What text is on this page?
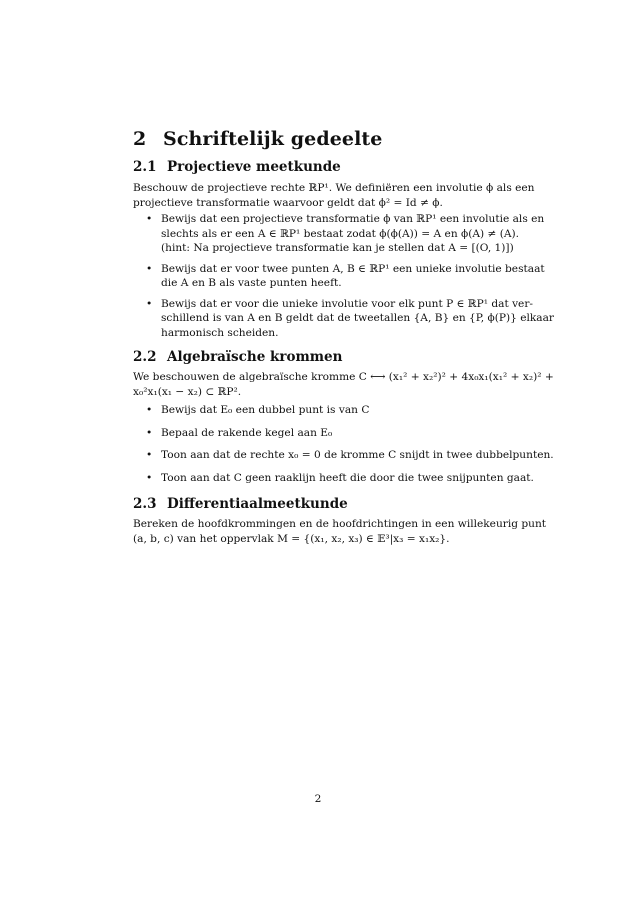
2 Schriftelijk gedeelte
2.1 Projectieve meetkunde
Beschouw de projectieve rechte ℝP¹. We definiëren een involutie ϕ als een
projectieve transformatie waarvoor geldt dat ϕ² = Id ≠ ϕ.
• Bewijs dat een projectieve transformatie ϕ van ℝP¹ een involutie als en
slechts als er een A ∈ ℝP¹ bestaat zodat ϕ(ϕ(A)) = A en ϕ(A) ≠ (A).
(hint: Na projectieve transformatie kan je stellen dat A = [(O, 1)])
• Bewijs dat er voor twee punten A, B ∈ ℝP¹ een unieke involutie bestaat
die A en B als vaste punten heeft.
• Bewijs dat er voor die unieke involutie voor elk punt P ∈ ℝP¹ dat ver-
schillend is van A en B geldt dat de tweetallen {A, B} en {P, ϕ(P)} elkaar
harmonisch scheiden.
2.2 Algebraïsche krommen
We beschouwen de algebraïsche kromme C ⟷ (x₁² + x₂²)² + 4x₀x₁(x₁² + x₂)² +
x₀²x₁(x₁ − x₂) ⊂ ℝP².
• Bewijs dat E₀ een dubbel punt is van C
• Bepaal de rakende kegel aan E₀
• Toon aan dat de rechte x₀ = 0 de kromme C snijdt in twee dubbelpunten.
• Toon aan dat C geen raaklijn heeft die door die twee snijpunten gaat.
2.3 Differentiaalmeetkunde
Bereken de hoofdkrommingen en de hoofdrichtingen in een willekeurig punt
(a, b, c) van het oppervlak M = {(x₁, x₂, x₃) ∈ 𝔼³|x₃ = x₁x₂}.
2
